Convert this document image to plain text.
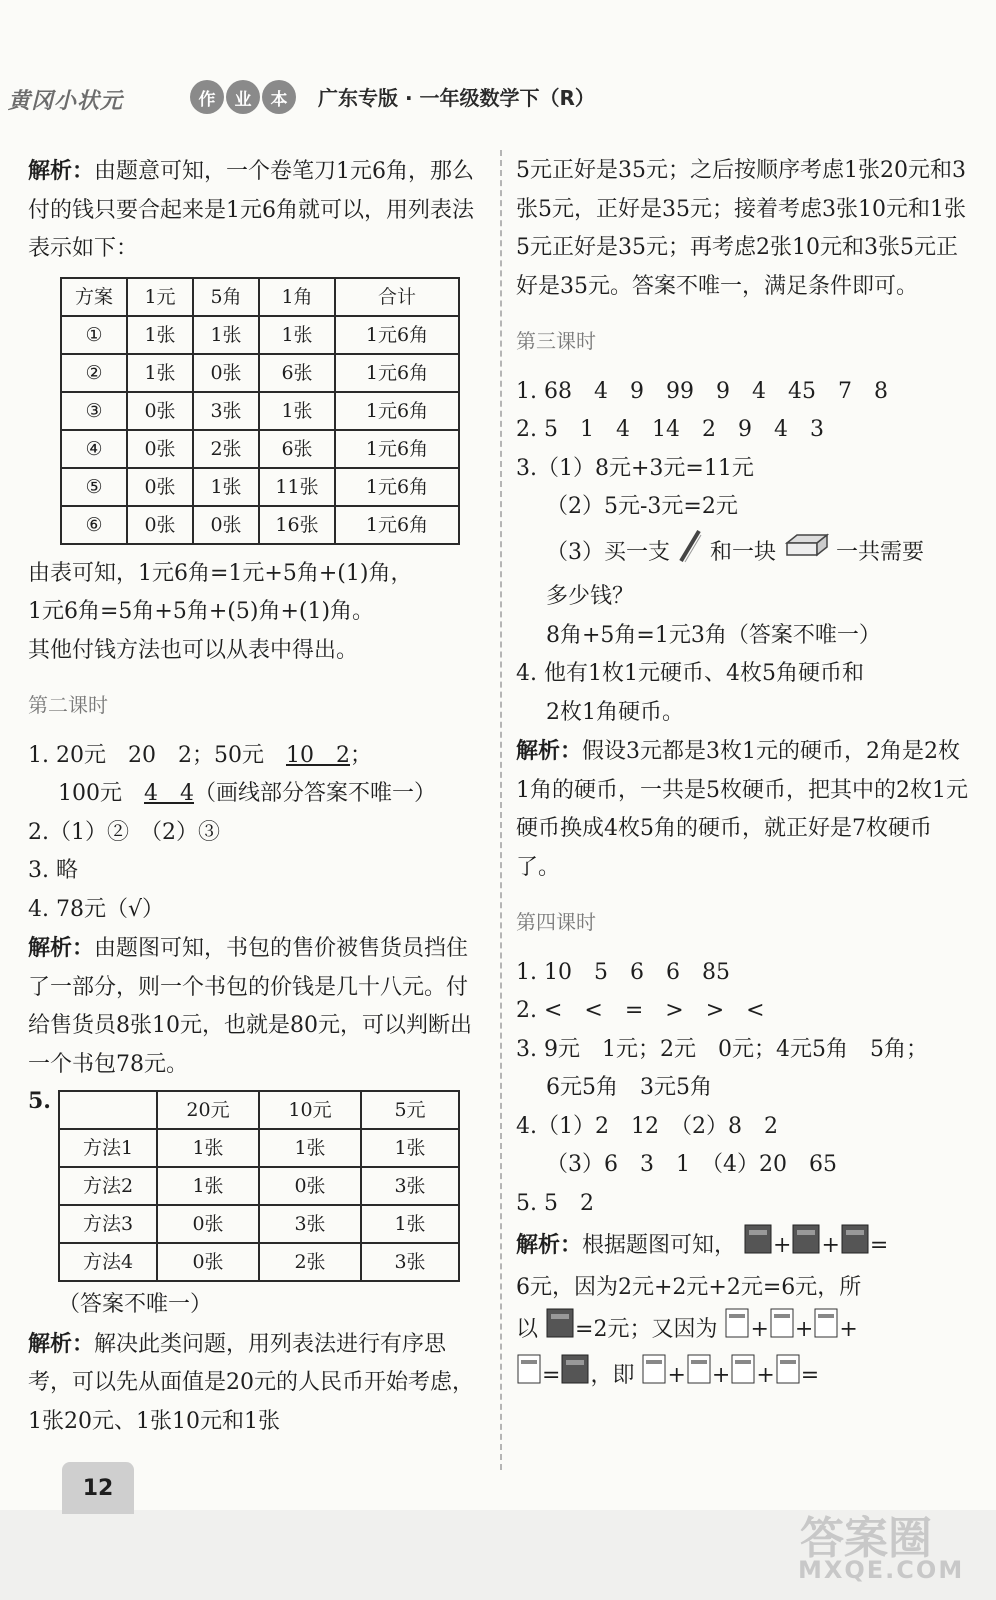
黄冈小状元	作	业	本	广东专版 · 一年级数学下（R）

解析：由题意可知，一个卷笔刀1元6角，那么付的钱只要合起来是1元6角就可以，用列表法表示如下：

方案	1元	5角	1角	合计
①	1张	1张	1张	1元6角
②	1张	0张	6张	1元6角
③	0张	3张	1张	1元6角
④	0张	2张	6张	1元6角
⑤	0张	1张	11张	1元6角
⑥	0张	0张	16张	1元6角

由表可知，1元6角=1元+5角+(1)角，

1元6角=5角+5角+(5)角+(1)角。

其他付钱方法也可以从表中得出。

第二课时

1. 20元　20　2；50元　 10　2；

100元　 4　4（画线部分答案不唯一）

2.（1）②　（2）③

3. 略

4. 78元（√）

解析：由题图可知，书包的售价被售货员挡住了一部分，则一个书包的价钱是几十八元。付给售货员8张10元，也就是80元，可以判断出一个书包78元。

5.
		20元	10元	5元
方法1	1张	1张	1张
方法2	1张	0张	3张
方法3	0张	3张	1张
方法4	0张	2张	3张

（答案不唯一）

解析：解决此类问题，用列表法进行有序思考，可以先从面值是20元的人民币开始考虑，1张20元、1张10元和1张

5元正好是35元；之后按顺序考虑1张20元和3张5元，正好是35元；接着考虑3张10元和1张5元正好是35元；再考虑2张10元和3张5元正好是35元。答案不唯一，满足条件即可。

第三课时

1. 68　4　9　99　9　4　45　7　8

2. 5　1　4　14　2　9　4　3

3.（1）8元+3元=11元

（2）5元-3元=2元

（3）买一支 和一块	一共需要

多少钱？

8角+5角=1元3角（答案不唯一）

4. 他有1枚1元硬币、4枚5角硬币和

2枚1角硬币。

解析：假设3元都是3枚1元的硬币，2角是2枚1角的硬币，一共是5枚硬币，把其中的2枚1元硬币换成4枚5角的硬币，就正好是7枚硬币了。

第四课时

1. 10　5　6　6　85

2. <　<　=　>　>　<

3. 9元　1元；2元　0元；4元5角　5角；

6元5角　3元5角

4.（1）2　12　（2）8　2

（3）6　3　1　（4）20　65

5. 5　2

解析：根据题图可知， + + =

6元，因为2元+2元+2元=6元，所

以 =2元；又因为 + + +

= ，即 + + + =

12
答案圈
MXQE.COM
